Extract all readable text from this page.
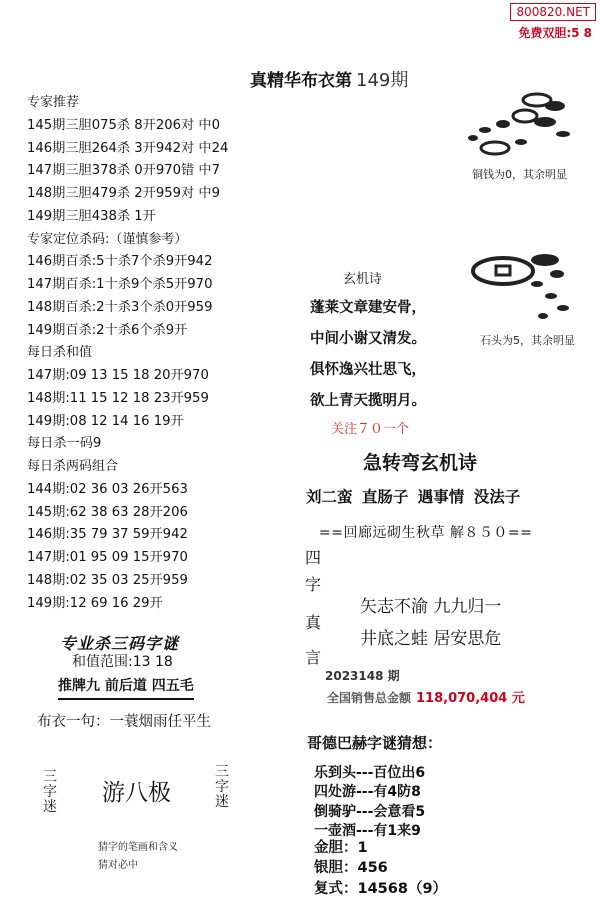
800820.NET
免费双胆:5 8
真精华布衣第 149期
专家推荐
145期三胆075杀 8开206对 中0
146期三胆264杀 3开942对 中24
147期三胆378杀 0开970错 中7
148期三胆479杀 2开959对 中9
149期三胆438杀 1开
专家定位杀码:（谨慎参考）
146期百杀:5十杀7个杀9开942
147期百杀:1十杀9个杀5开970
148期百杀:2十杀3个杀0开959
149期百杀:2十杀6个杀9开
每日杀和值
147期:09 13 15 18 20开970
148期:11 15 12 18 23开959
149期:08 12 14 16 19开
每日杀一码9
每日杀两码组合
144期:02 36 03 26开563
145期:62 38 63 28开206
146期:35 79 37 59开942
147期:01 95 09 15开970
148期:02 35 03 25开959
149期:12 69 16 29开
铜钱为0，其余明显
石头为5，其余明显
玄机诗
蓬莱文章建安骨，
中间小谢又清发。
俱怀逸兴壮思飞，
欲上青天揽明月。
关注７０一个
急转弯玄机诗
刘二蛮 直肠子 遇事情 没法子
==回廊远砌生秋草 解８５０==
四
字
真
言
矢志不渝 九九归一
井底之蛙 居安思危
2023148 期
全国销售总金额 118,070,404 元
专业杀三码字谜
和值范围:13 18
推牌九 前后道 四五毛
布衣一句：一蓑烟雨任平生
三字迷
三字迷
游八极
猜字的笔画和含义
猜对必中
哥德巴赫字谜猜想：
乐到头---百位出6
四处游---有4防8
倒骑驴---会意看5
一壶酒---有1来9
金胆：1
银胆：456
复式：14568（9）
